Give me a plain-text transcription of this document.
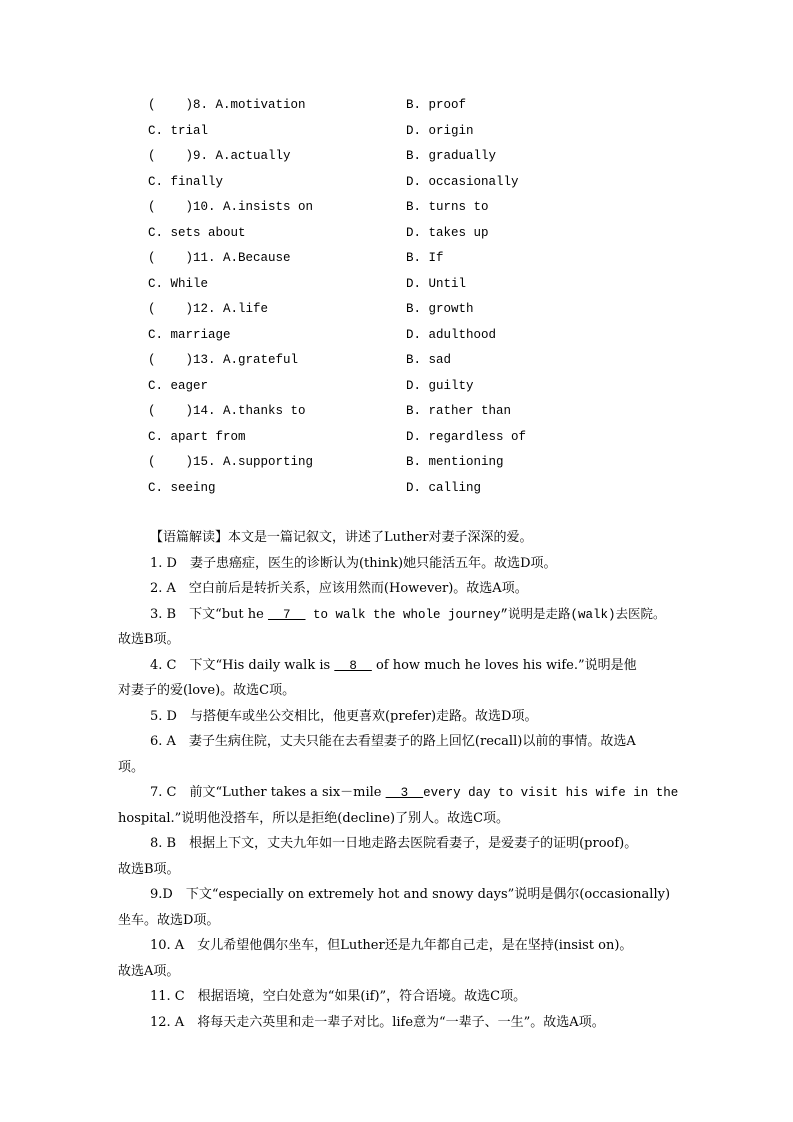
(    )8. A.motivation	B. proof
C. trial	D. origin
(    )9. A.actually	B. gradually
C. finally	D. occasionally
(    )10. A.insists on	B. turns to
C. sets about	D. takes up
(    )11. A.Because	B. If
C. While	D. Until
(    )12. A.life	B. growth
C. marriage	D. adulthood
(    )13. A.grateful	B. sad
C. eager	D. guilty
(    )14. A.thanks to	B. rather than
C. apart from	D. regardless of
(    )15. A.supporting	B. mentioning
C. seeing	D. calling
【语篇解读】本文是一篇记叙文，讲述了Luther对妻子深深的爱。
1. D　妻子患癌症，医生的诊断认为(think)她只能活五年。故选D项。
2. A　空白前后是转折关系，应该用然而(However)。故选A项。
3. B　下文“but he   7   to walk the whole journey”说明是走路(walk)去医院。
故选B项。
4. C　下文“His daily walk is   8   of how much he loves his wife.”说明是他
对妻子的爱(love)。故选C项。
5. D　与搭便车或坐公交相比，他更喜欢(prefer)走路。故选D项。
6. A　妻子生病住院，丈夫只能在去看望妻子的路上回忆(recall)以前的事情。故选A
项。
7. C　前文“Luther takes a six－mile   3  every day to visit his wife in the
hospital.”说明他没搭车，所以是拒绝(decline)了别人。故选C项。
8. B　根据上下文，丈夫九年如一日地走路去医院看妻子，是爱妻子的证明(proof)。
故选B项。
9.D　下文“especially on extremely hot and snowy days”说明是偶尔(occasionally)
坐车。故选D项。
10. A　女儿希望他偶尔坐车，但Luther还是九年都自己走，是在坚持(insist on)。
故选A项。
11. C　根据语境，空白处意为“如果(if)”，符合语境。故选C项。
12. A　将每天走六英里和走一辈子对比。life意为“一辈子、一生”。故选A项。
